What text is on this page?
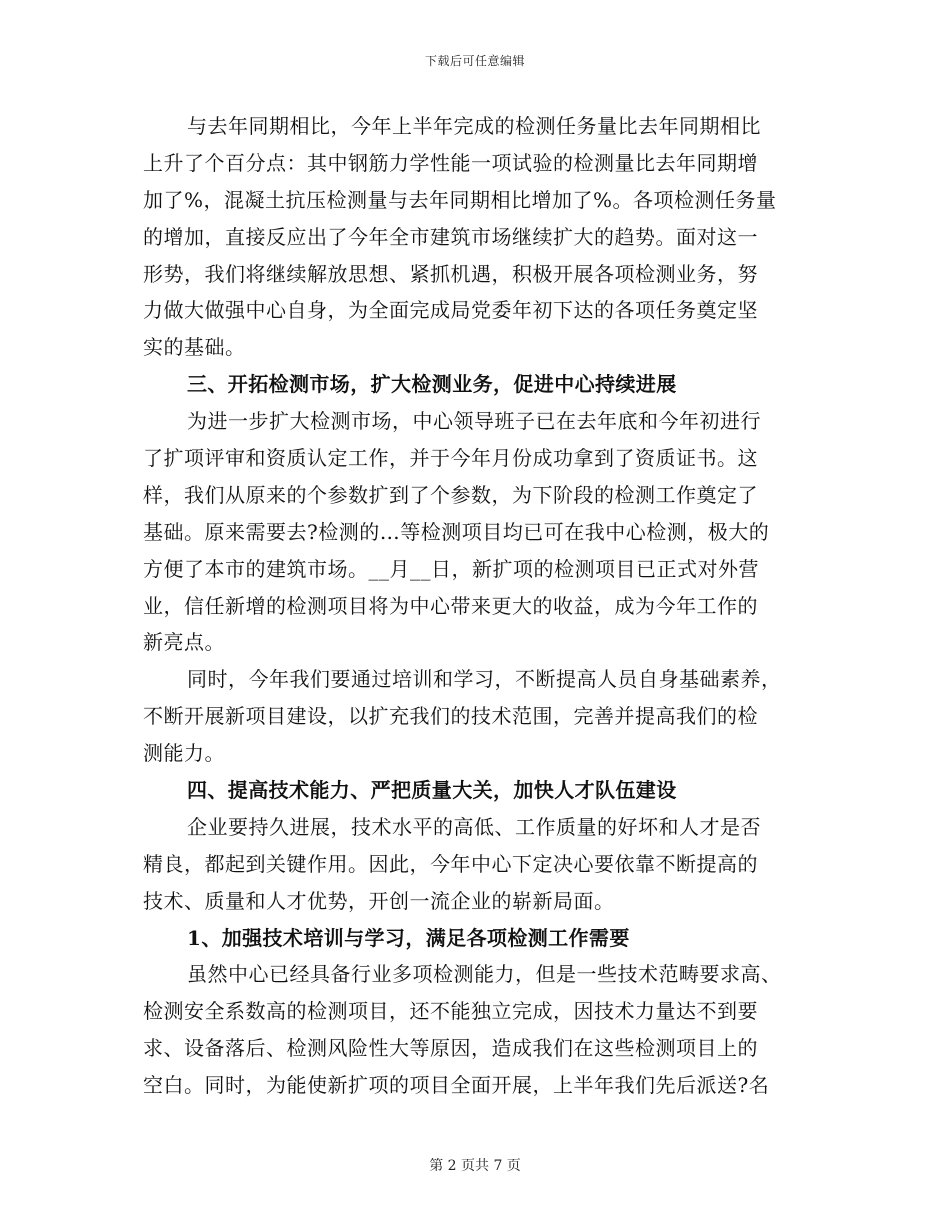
下载后可任意编辑
与去年同期相比，今年上半年完成的检测任务量比去年同期相比
上升了个百分点：其中钢筋力学性能一项试验的检测量比去年同期增
加了%，混凝土抗压检测量与去年同期相比增加了%。各项检测任务量
的增加，直接反应出了今年全市建筑市场继续扩大的趋势。面对这一
形势，我们将继续解放思想、紧抓机遇，积极开展各项检测业务，努
力做大做强中心自身，为全面完成局党委年初下达的各项任务奠定坚
实的基础。
三、开拓检测市场，扩大检测业务，促进中心持续进展
为进一步扩大检测市场，中心领导班子已在去年底和今年初进行
了扩项评审和资质认定工作，并于今年月份成功拿到了资质证书。这
样，我们从原来的个参数扩到了个参数，为下阶段的检测工作奠定了
基础。原来需要去?检测的…等检测项目均已可在我中心检测，极大的
方便了本市的建筑市场。__月__日，新扩项的检测项目已正式对外营
业，信任新增的检测项目将为中心带来更大的收益，成为今年工作的
新亮点。
同时，今年我们要通过培训和学习，不断提高人员自身基础素养，
不断开展新项目建设，以扩充我们的技术范围，完善并提高我们的检
测能力。
四、提高技术能力、严把质量大关，加快人才队伍建设
企业要持久进展，技术水平的高低、工作质量的好坏和人才是否
精良，都起到关键作用。因此，今年中心下定决心要依靠不断提高的
技术、质量和人才优势，开创一流企业的崭新局面。
1、加强技术培训与学习，满足各项检测工作需要
虽然中心已经具备行业多项检测能力，但是一些技术范畴要求高、
检测安全系数高的检测项目，还不能独立完成，因技术力量达不到要
求、设备落后、检测风险性大等原因，造成我们在这些检测项目上的
空白。同时，为能使新扩项的项目全面开展，上半年我们先后派送?名
第 2 页共 7 页
